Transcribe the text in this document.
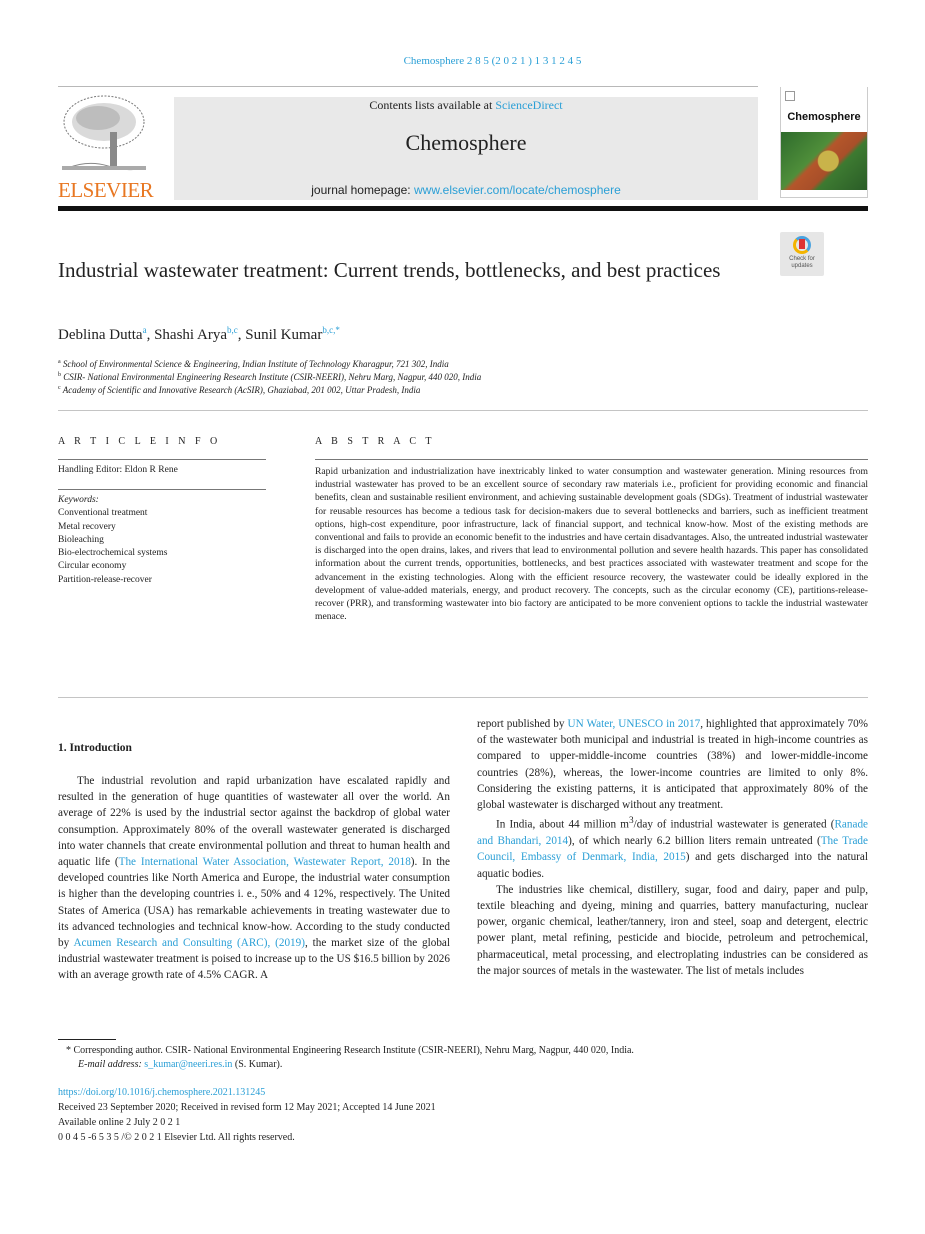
Chemosphere 2 8 5 (2 0 2 1 ) 1 3 1 2 4 5
ELSEVIER
Contents lists available at ScienceDirect
Chemosphere
journal homepage: www.elsevier.com/locate/chemosphere
Chemosphere
Industrial wastewater treatment: Current trends, bottlenecks, and best practices	Check for updates
Deblina Dutta$^a$, Shashi Arya$^{b,c}$, Sunil Kumar$^{b,c,*}$
$^a$ School of Environmental Science & Engineering, Indian Institute of Technology Kharagpur, 721 302, India
$^b$ CSIR- National Environmental Engineering Research Institute (CSIR-NEERI), Nehru Marg, Nagpur, 440 020, India
$^c$ Academy of Scientific and Innovative Research (AcSIR), Ghaziabad, 201 002, Uttar Pradesh, India
A R T I C L E I N F O
Handling Editor: Eldon R Rene
Keywords:
Conventional treatment
Metal recovery
Bioleaching
Bio-electrochemical systems
Circular economy
Partition-release-recover
A B S T R A C T
Rapid urbanization and industrialization have inextricably linked to water consumption and wastewater generation. Mining resources from industrial wastewater has proved to be an excellent source of secondary raw materials i.e., proficient for providing economic and financial benefits, clean and sustainable resilient environment, and achieving sustainable development goals (SDGs). Treatment of industrial wastewater for reusable resources has become a tedious task for decision-makers due to several bottlenecks and barriers, such as inefficient treatment options, high-cost expenditure, poor infrastructure, lack of financial support, and technical know-how. Most of the existing methods are conventional and fails to provide an economic benefit to the industries and have certain disadvantages. Also, the untreated industrial wastewater is discharged into the open drains, lakes, and rivers that lead to environmental pollution and severe health hazards. This paper has consolidated information about the current trends, opportunities, bottlenecks, and best practices associated with wastewater treatment and scope for the advancement in the existing technologies. Along with the efficient resource recovery, the wastewater could be ideally explored in the development of value-added materials, energy, and product recovery. The concepts, such as the circular economy (CE), partitions-release-recover (PRR), and transforming wastewater into bio factory are anticipated to be more convenient options to tackle the industrial wastewater menace.
1. Introduction

The industrial revolution and rapid urbanization have escalated rapidly and resulted in the generation of huge quantities of wastewater all over the world. An average of 22% is used by the industrial sector against the backdrop of global water consumption. Approximately 80% of the overall wastewater generated is discharged into water channels that create environmental pollution and threat to human health and aquatic life (The International Water Association, Wastewater Report, 2018). In the developed countries like North America and Europe, the industrial water consumption is higher than the developing countries i. e., 50% and 4 12%, respectively. The United States of America (USA) has remarkable achievements in treating wastewater due to its advanced technologies and technical know-how. According to the study conducted by Acumen Research and Consulting (ARC), (2019), the market size of the global industrial wastewater treatment is poised to increase up to the US $16.5 billion by 2026 with an average growth rate of 4.5% CAGR. A

report published by UN Water, UNESCO in 2017, highlighted that approximately 70% of the wastewater both municipal and industrial is treated in high-income countries as compared to upper-middle-income countries (38%) and lower-middle-income countries (28%), whereas, the lower-income countries are limited to only 8%. Considering the existing patterns, it is anticipated that approximately 80% of the global wastewater is discharged without any treatment.

In India, about 44 million $m^3$/day of industrial wastewater is generated (Ranade and Bhandari, 2014), of which nearly 6.2 billion liters remain untreated (The Trade Council, Embassy of Denmark, India, 2015) and gets discharged into the natural aquatic bodies.

The industries like chemical, distillery, sugar, food and dairy, paper and pulp, textile bleaching and dyeing, mining and quarries, battery manufacturing, nuclear power, organic chemical, leather/tannery, iron and steel, soap and detergent, electric power plant, metal refining, pesticide and biocide, petroleum and petrochemical, pharmaceutical, metal processing, and electroplating industries can be considered as the major sources of metals in the wastewater. The list of metals includes

* Corresponding author. CSIR- National Environmental Engineering Research Institute (CSIR-NEERI), Nehru Marg, Nagpur, 440 020, India.
E-mail address: s_kumar@neeri.res.in (S. Kumar).
https://doi.org/10.1016/j.chemosphere.2021.131245
Received 23 September 2020; Received in revised form 12 May 2021; Accepted 14 June 2021
Available online 2 July 2 0 2 1
0 0 4 5 -6 5 3 5 /© 2 0 2 1 Elsevier Ltd. All rights reserved.
